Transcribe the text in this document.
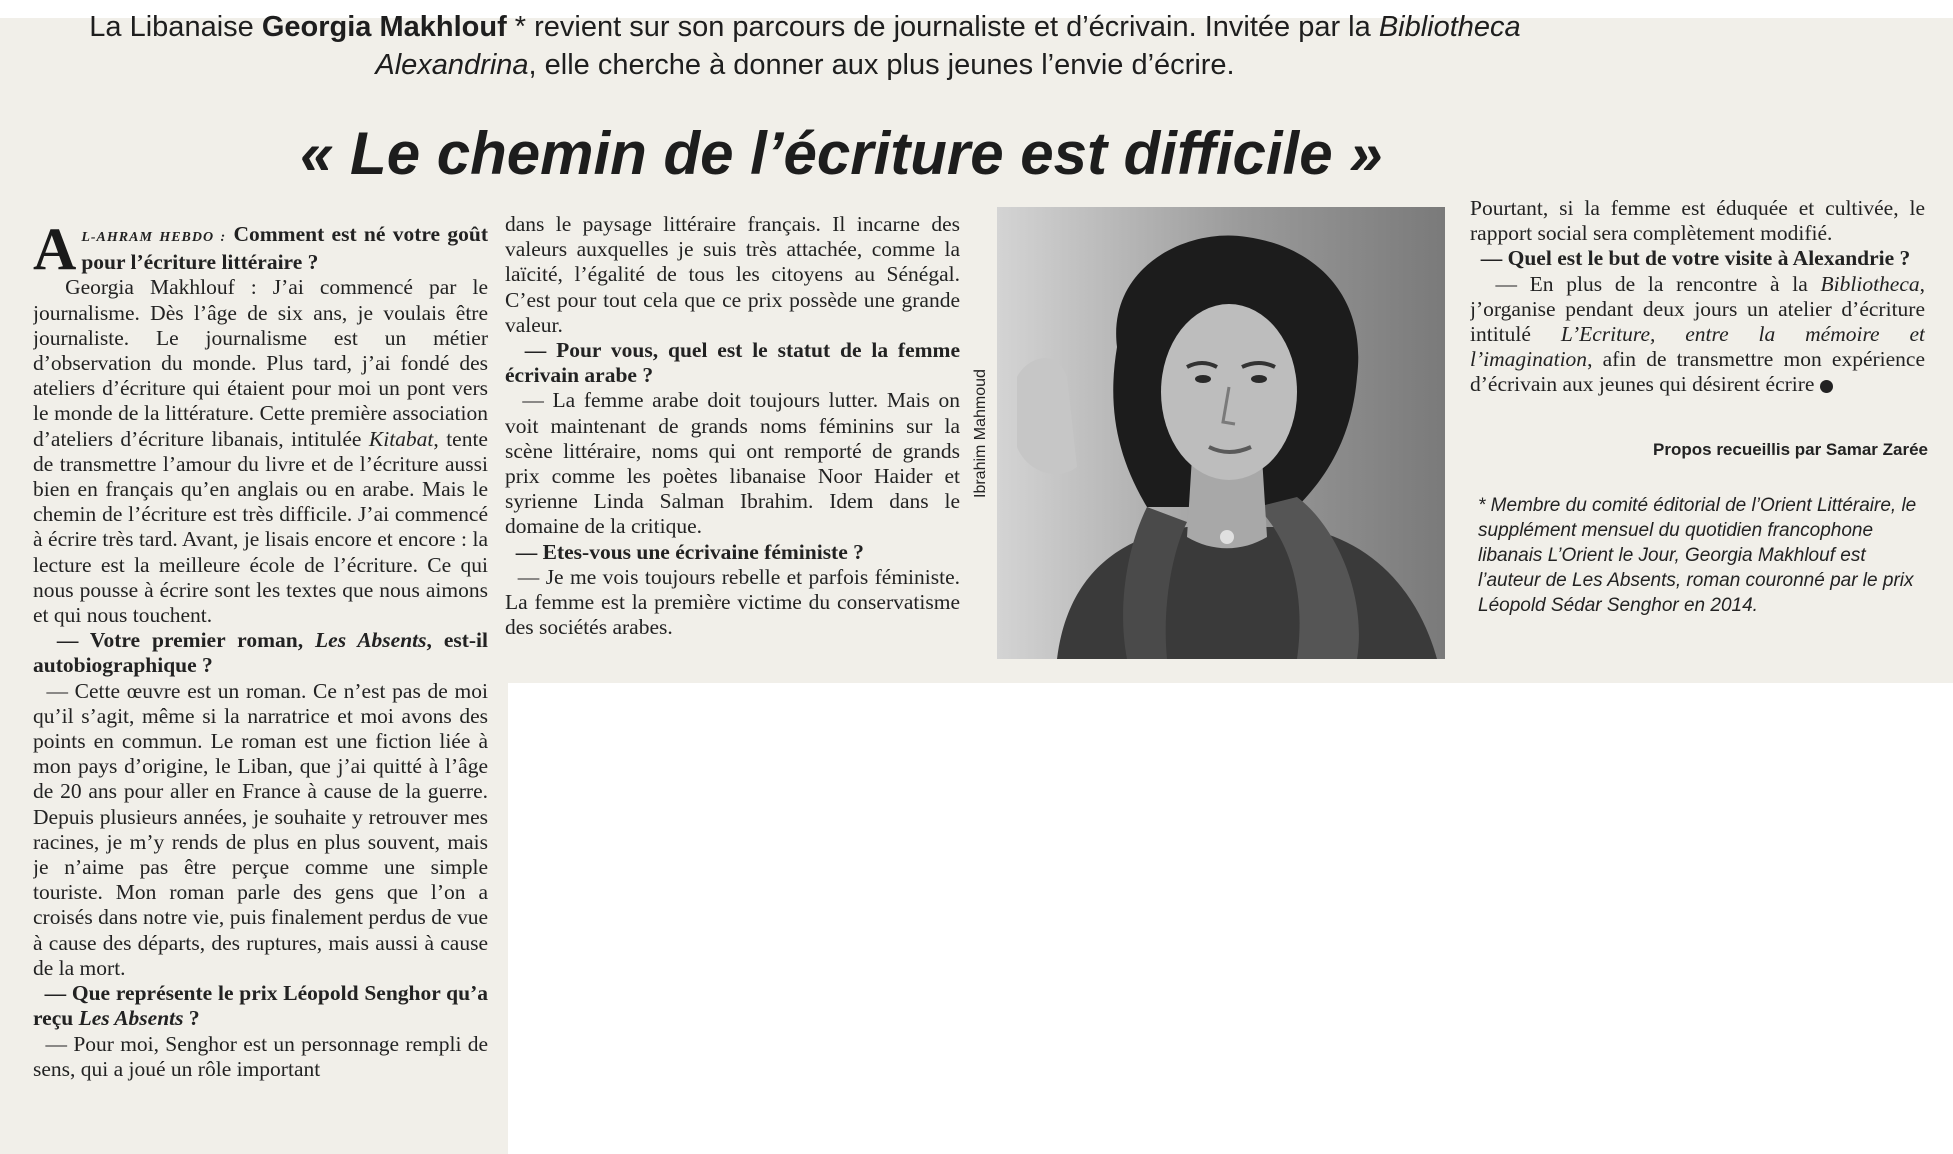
La Libanaise Georgia Makhlouf * revient sur son parcours de journaliste et d’écrivain. Invitée par la Bibliotheca
Alexandrina, elle cherche à donner aux plus jeunes l’envie d’écrire.
« Le chemin de l’écriture est difficile »

A L-AHRAM HEBDO : Comment est né votre goût pour l’écriture littéraire ?

Georgia Makhlouf : J’ai commencé par le journalisme. Dès l’âge de six ans, je voulais être journaliste. Le journalisme est un métier d’observation du monde. Plus tard, j’ai fondé des ateliers d’écriture qui étaient pour moi un pont vers le monde de la littérature. Cette première association d’ateliers d’écriture libanais, intitulée Kitabat, tente de transmettre l’amour du livre et de l’écriture aussi bien en français qu’en anglais ou en arabe. Mais le chemin de l’écriture est très difficile. J’ai commencé à écrire très tard. Avant, je lisais encore et encore : la lecture est la meilleure école de l’écriture. Ce qui nous pousse à écrire sont les textes que nous aimons et qui nous touchent.

— Votre premier roman, Les Absents, est-il autobiographique ?

— Cette œuvre est un roman. Ce n’est pas de moi qu’il s’agit, même si la narratrice et moi avons des points en commun. Le roman est une fiction liée à mon pays d’origine, le Liban, que j’ai quitté à l’âge de 20 ans pour aller en France à cause de la guerre. Depuis plusieurs années, je souhaite y retrouver mes racines, je m’y rends de plus en plus souvent, mais je n’aime pas être perçue comme une simple touriste. Mon roman parle des gens que l’on a croisés dans notre vie, puis finalement perdus de vue à cause des départs, des ruptures, mais aussi à cause de la mort.

— Que représente le prix Léopold Senghor qu’a reçu Les Absents ?

— Pour moi, Senghor est un personnage rempli de sens, qui a joué un rôle important

dans le paysage littéraire français. Il incarne des valeurs auxquelles je suis très attachée, comme la laïcité, l’égalité de tous les citoyens au Sénégal. C’est pour tout cela que ce prix possède une grande valeur.

— Pour vous, quel est le statut de la femme écrivain arabe ?

— La femme arabe doit toujours lutter. Mais on voit maintenant de grands noms féminins sur la scène littéraire, noms qui ont remporté de grands prix comme les poètes libanaise Noor Haider et syrienne Linda Salman Ibrahim. Idem dans le domaine de la critique.

— Etes-vous une écrivaine féministe ?

— Je me vois toujours rebelle et parfois féministe. La femme est la première victime du conservatisme des sociétés arabes.

Ibrahim Mahmoud

Pourtant, si la femme est éduquée et cultivée, le rapport social sera complètement modifié.

— Quel est le but de votre visite à Alexandrie ?

— En plus de la rencontre à la Bibliotheca, j’organise pendant deux jours un atelier d’écriture intitulé L’Ecriture, entre la mémoire et l’imagination, afin de transmettre mon expérience d’écrivain aux jeunes qui désirent écrire

Propos recueillis par Samar Zarée
* Membre du comité éditorial de l’Orient Littéraire, le supplément mensuel du quotidien francophone libanais L’Orient le Jour, Georgia Makhlouf est l’auteur de Les Absents, roman couronné par le prix Léopold Sédar Senghor en 2014.
